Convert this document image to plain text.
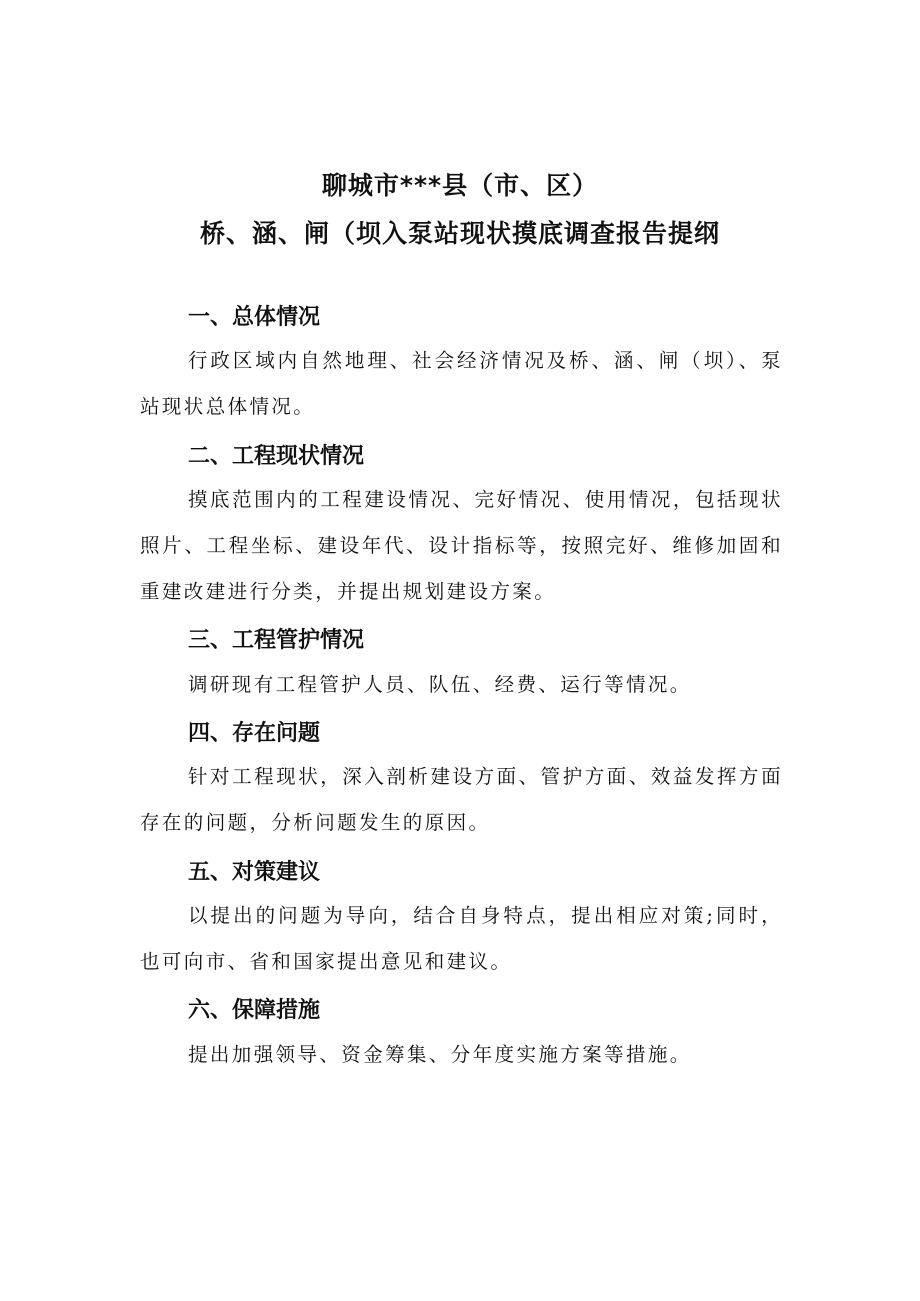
聊城市***县（市、区）
桥、涵、闸（坝入泵站现状摸底调查报告提纲
一、总体情况

行政区域内自然地理、社会经济情况及桥、涵、闸（坝）、泵站现状总体情况。

二、工程现状情况

摸底范围内的工程建设情况、完好情况、使用情况，包括现状照片、工程坐标、建设年代、设计指标等，按照完好、维修加固和重建改建进行分类，并提出规划建设方案。

三、工程管护情况

调研现有工程管护人员、队伍、经费、运行等情况。

四、存在问题

针对工程现状，深入剖析建设方面、管护方面、效益发挥方面存在的问题，分析问题发生的原因。

五、对策建议

以提出的问题为导向，结合自身特点，提出相应对策;同时，也可向市、省和国家提出意见和建议。

六、保障措施

提出加强领导、资金筹集、分年度实施方案等措施。
